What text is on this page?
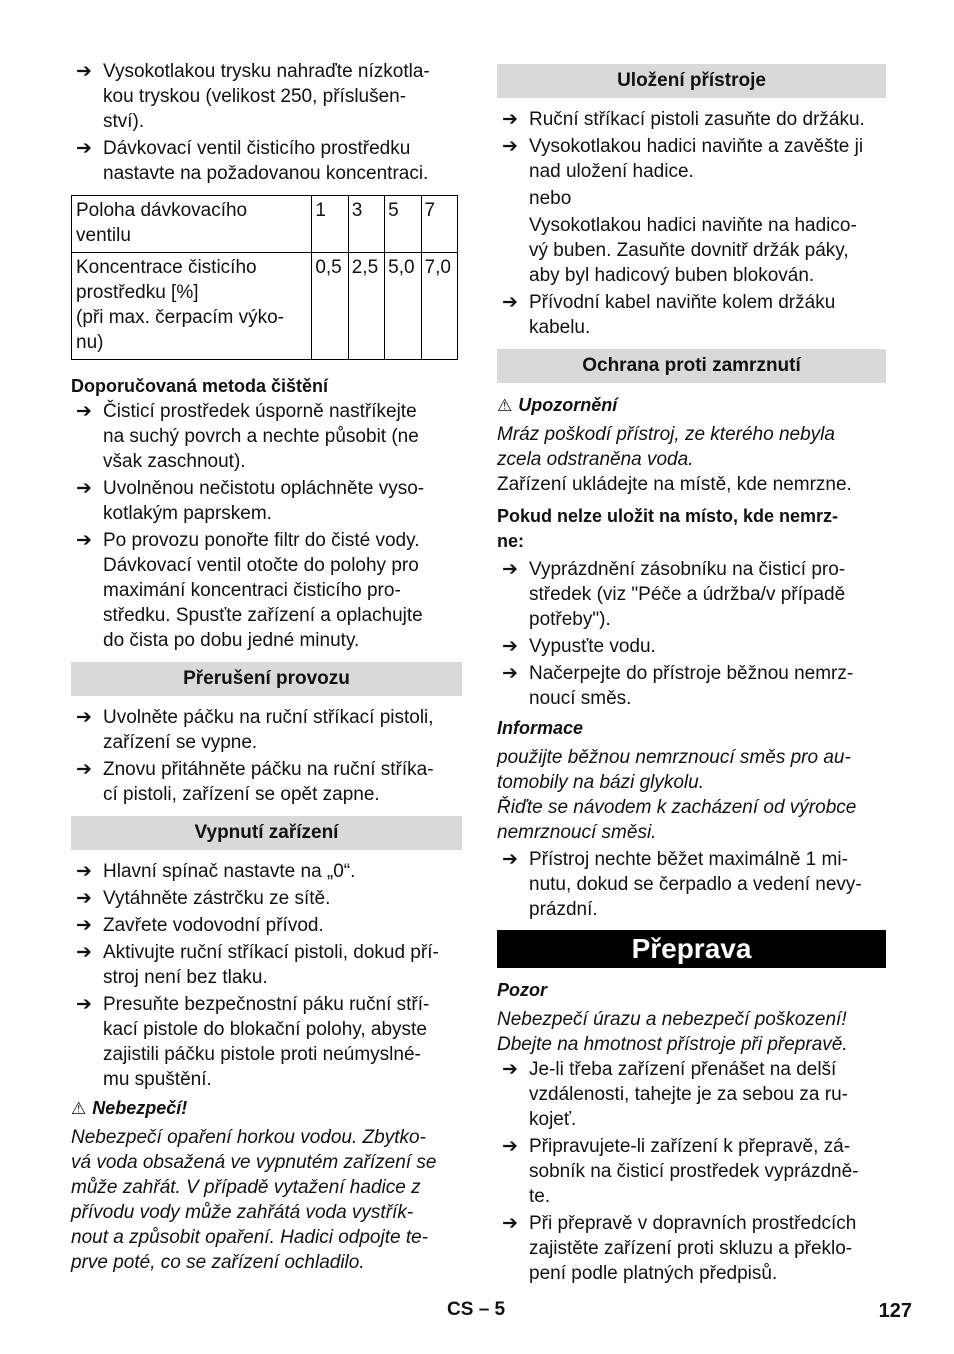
➔ Vysokotlakou trysku nahraďte nízkotla-
kou tryskou (velikost 250, příslušen-
ství).
➔ Dávkovací ventil čisticího prostředku
nastavte na požadovanou koncentraci.
Poloha dávkovacího
ventilu	1	3	5	7

Koncentrace čisticího
prostředku [%]
(při max. čerpacím výko-
nu)	0,5	2,5	5,0	7,0
Doporučovaná metoda čištění
➔ Čisticí prostředek úsporně nastříkejte
na suchý povrch a nechte působit (ne
však zaschnout).
➔ Uvolněnou nečistotu opláchněte vyso-
kotlakým paprskem.
➔ Po provozu ponořte filtr do čisté vody.
Dávkovací ventil otočte do polohy pro
maximání koncentraci čisticího pro-
středku. Spusťte zařízení a oplachujte
do čista po dobu jedné minuty.
Přerušení provozu
➔ Uvolněte páčku na ruční stříkací pistoli,
zařízení se vypne.
➔ Znovu přitáhněte páčku na ruční stříka-
cí pistoli, zařízení se opět zapne.
Vypnutí zařízení
➔ Hlavní spínač nastavte na „0“.
➔ Vytáhněte zástrčku ze sítě.
➔ Zavřete vodovodní přívod.
➔ Aktivujte ruční stříkací pistoli, dokud pří-
stroj není bez tlaku.
➔ Presuňte bezpečnostní páku ruční stří-
kací pistole do blokační polohy, abyste
zajistili páčku pistole proti neúmyslné-
mu spuštění.
⚠ Nebezpečí!
Nebezpečí opaření horkou vodou. Zbytko-
vá voda obsažená ve vypnutém zařízení se
může zahřát. V případě vytažení hadice z
přívodu vody může zahřátá voda vystřík-
nout a způsobit opaření. Hadici odpojte te-
prve poté, co se zařízení ochladilo.
Uložení přístroje
➔ Ruční stříkací pistoli zasuňte do držáku.
➔ Vysokotlakou hadici naviňte a zavěšte ji
nad uložení hadice.
nebo
Vysokotlakou hadici naviňte na hadico-
vý buben. Zasuňte dovnitř držák páky,
aby byl hadicový buben blokován.
➔ Přívodní kabel naviňte kolem držáku
kabelu.
Ochrana proti zamrznutí
⚠ Upozornění
Mráz poškodí přístroj, ze kterého nebyla
zcela odstraněna voda.
Zařízení ukládejte na místě, kde nemrzne.
Pokud nelze uložit na místo, kde nemrz-
ne:
➔ Vyprázdnění zásobníku na čisticí pro-
středek (viz "Péče a údržba/v případě
potřeby").
➔ Vypusťte vodu.
➔ Načerpejte do přístroje běžnou nemrz-
noucí směs.
Informace
použijte běžnou nemrznoucí směs pro au-
tomobily na bázi glykolu.
Řiďte se návodem k zacházení od výrobce
nemrznoucí směsi.
➔ Přístroj nechte běžet maximálně 1 mi-
nutu, dokud se čerpadlo a vedení nevy-
prázdní.
Přeprava
Pozor
Nebezpečí úrazu a nebezpečí poškození!
Dbejte na hmotnost přístroje při přepravě.
➔ Je-li třeba zařízení přenášet na delší
vzdálenosti, tahejte je za sebou za ru-
kojeť.
➔ Připravujete-li zařízení k přepravě, zá-
sobník na čisticí prostředek vyprázdně-
te.
➔ Při přepravě v dopravních prostředcích
zajistěte zařízení proti skluzu a překlo-
pení podle platných předpisů.
CS – 5	127
